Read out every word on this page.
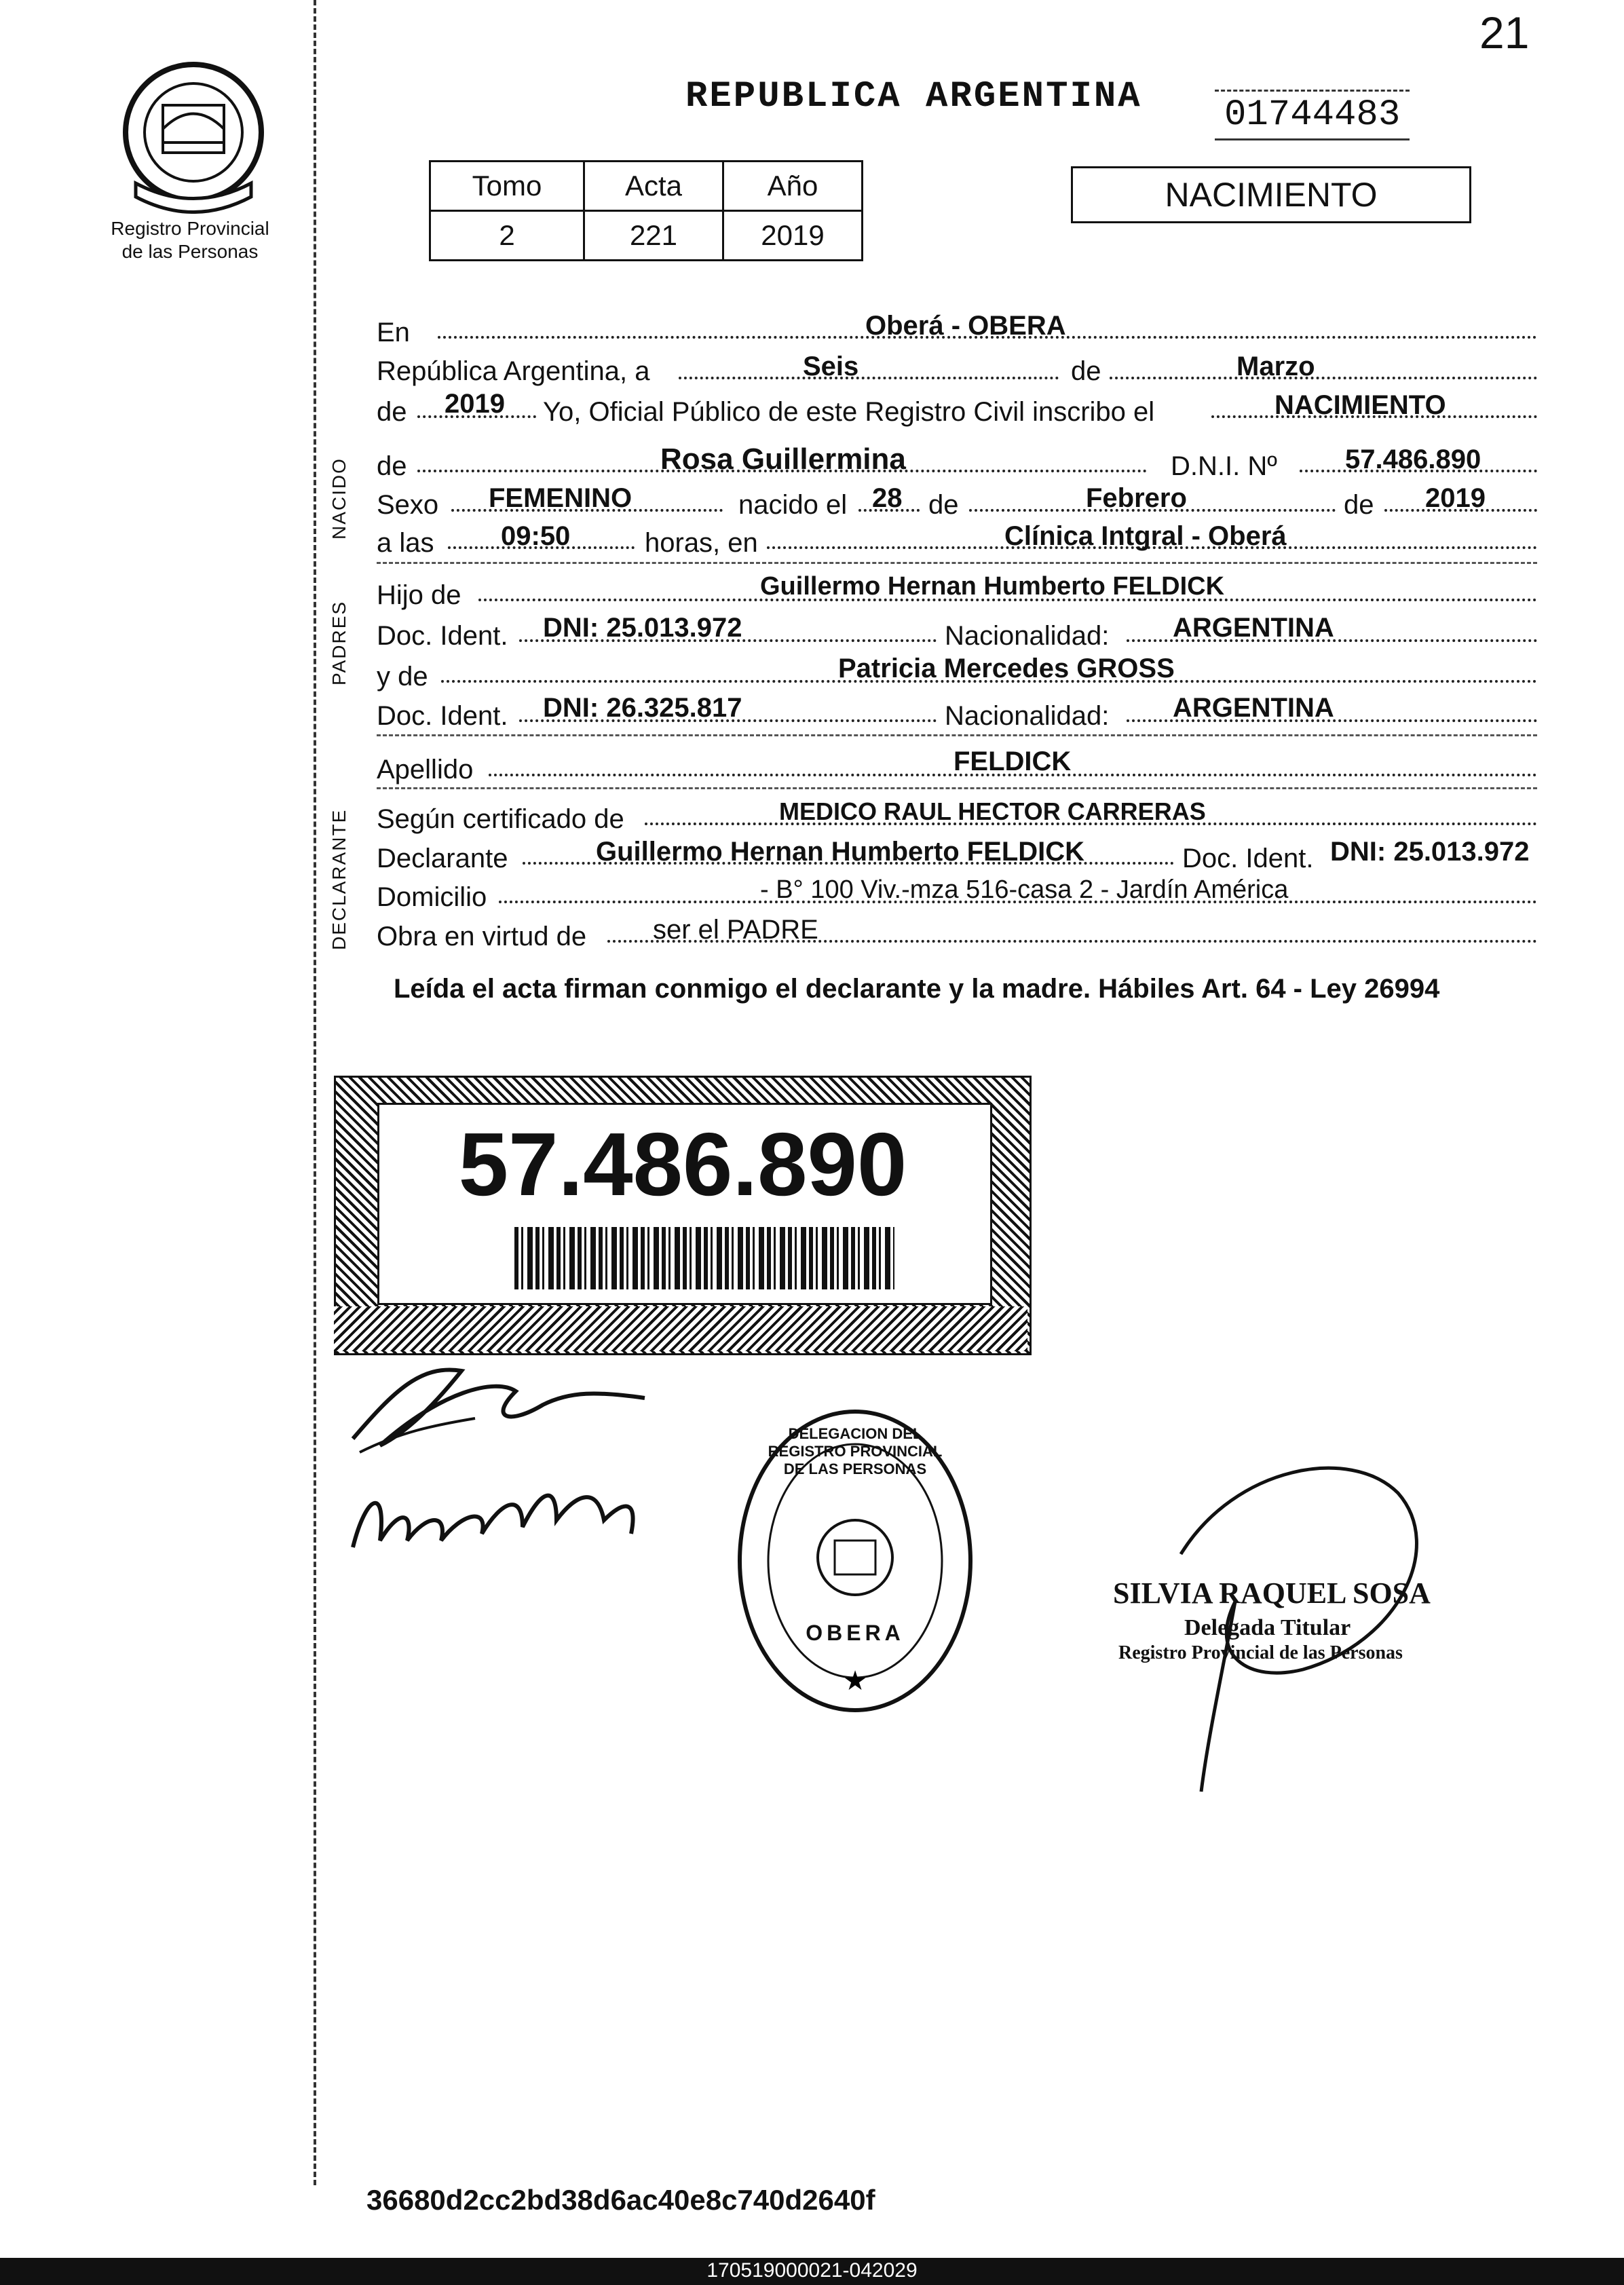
21
Registro Provincial
de las Personas
REPUBLICA ARGENTINA 01744483
Tomo	Acta	Año
2	221	2019
NACIMIENTO
NACIDO
PADRES
DECLARANTE
En	Oberá - OBERA
República Argentina, a	Seis	de	Marzo
de 2019 Yo, Oficial Público de este Registro Civil inscribo el	NACIMIENTO
de	Rosa Guillermina	D.N.I. Nº	57.486.890
Sexo FEMENINO	nacido el 28 de	Febrero	de 2019
a las 09:50	horas, en	Clínica Intgral - Oberá
Hijo de	Guillermo Hernan Humberto FELDICK
Doc. Ident. DNI: 25.013.972	Nacionalidad: ARGENTINA
y de	Patricia Mercedes GROSS
Doc. Ident. DNI: 26.325.817	Nacionalidad: ARGENTINA
Apellido	FELDICK
Según certificado de	MEDICO RAUL HECTOR CARRERAS
Declarante	Guillermo Hernan Humberto FELDICK	Doc. Ident. DNI: 25.013.972
Domicilio	- B° 100 Viv.-mza 516-casa 2 - Jardín América
Obra en virtud de ser el PADRE
Leída el acta firman conmigo el declarante y la madre. Hábiles Art. 64 - Ley 26994
57.486.890
★
DELEGACION DEL REGISTRO PROVINCIAL DE LAS PERSONAS
OBERA
SILVIA RAQUEL SOSA
Delegada Titular
Registro Provincial de las Personas
36680d2cc2bd38d6ac40e8c740d2640f
170519000021-042029
